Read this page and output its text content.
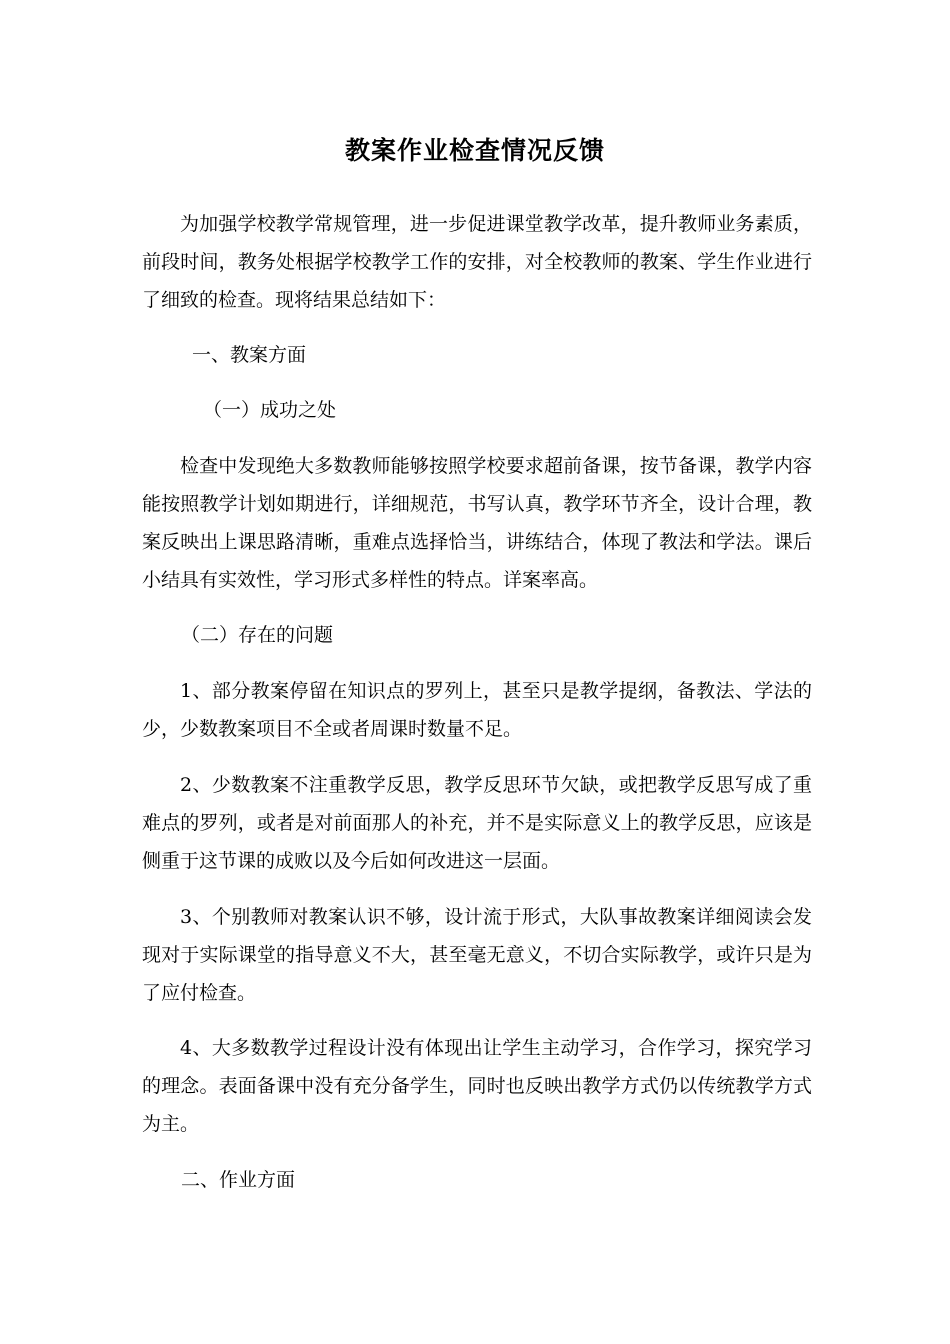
教案作业检查情况反馈

为加强学校教学常规管理，进一步促进课堂教学改革，提升教师业务素质，前段时间，教务处根据学校教学工作的安排，对全校教师的教案、学生作业进行了细致的检查。现将结果总结如下：

一、教案方面

（一）成功之处

检查中发现绝大多数教师能够按照学校要求超前备课，按节备课，教学内容能按照教学计划如期进行，详细规范，书写认真，教学环节齐全，设计合理，教案反映出上课思路清晰，重难点选择恰当，讲练结合，体现了教法和学法。课后小结具有实效性，学习形式多样性的特点。详案率高。

（二）存在的问题

1、部分教案停留在知识点的罗列上，甚至只是教学提纲，备教法、学法的少，少数教案项目不全或者周课时数量不足。

2、少数教案不注重教学反思，教学反思环节欠缺，或把教学反思写成了重难点的罗列，或者是对前面那人的补充，并不是实际意义上的教学反思，应该是侧重于这节课的成败以及今后如何改进这一层面。

3、个别教师对教案认识不够，设计流于形式，大队事故教案详细阅读会发现对于实际课堂的指导意义不大，甚至毫无意义，不切合实际教学，或许只是为了应付检查。

4、大多数教学过程设计没有体现出让学生主动学习，合作学习，探究学习的理念。表面备课中没有充分备学生，同时也反映出教学方式仍以传统教学方式为主。

二、作业方面
